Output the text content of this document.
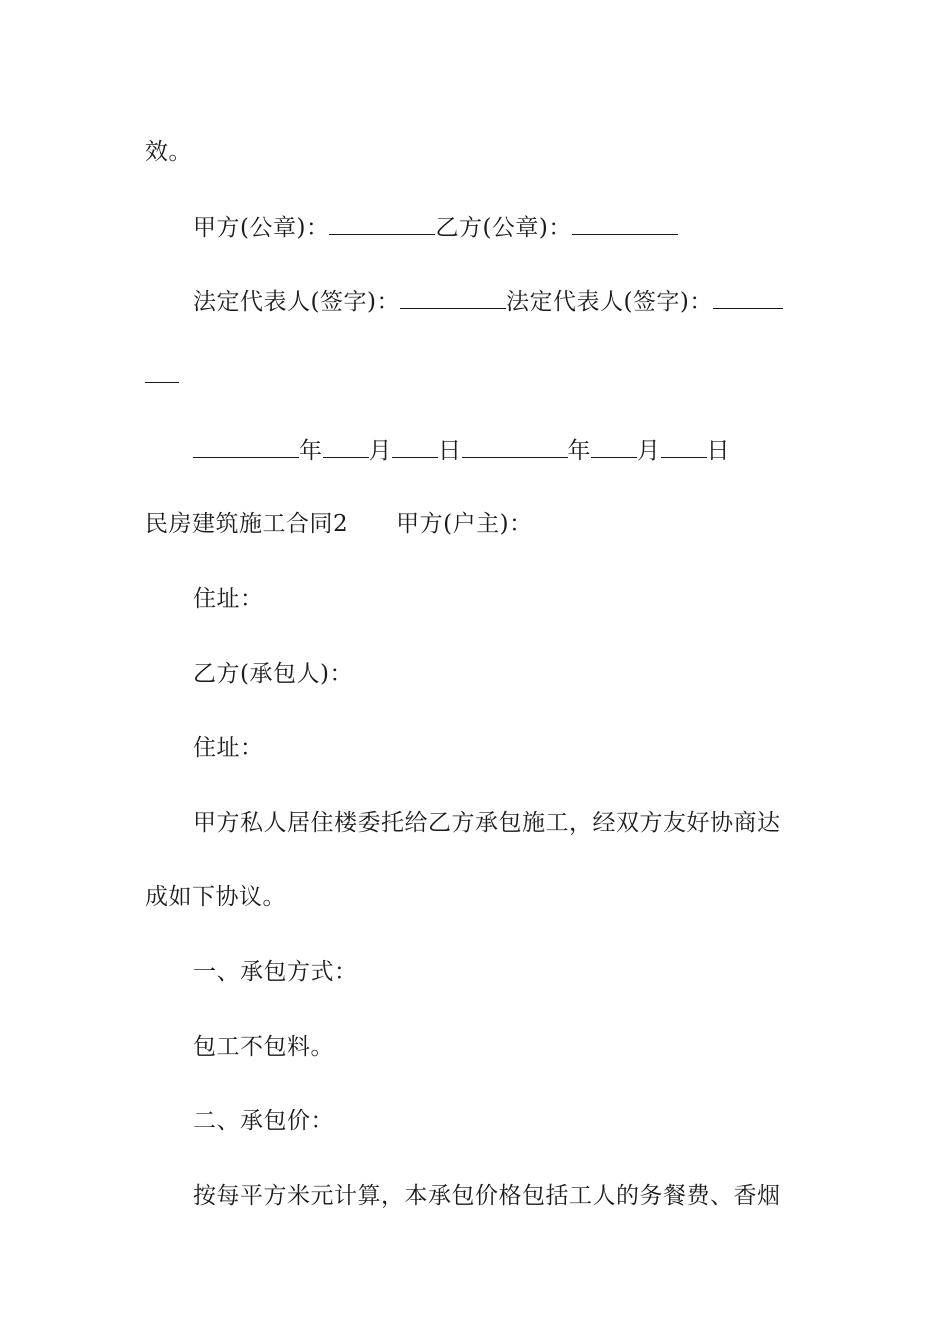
效。
甲方(公章)：	乙方(公章)：
法定代表人(签字)：	法定代表人(签字)：
年 月 日	年 月 日
民房建筑施工合同2 甲方(户主)：
住址：
乙方(承包人)：
住址：
甲方私人居住楼委托给乙方承包施工，经双方友好协商达
成如下协议。
一、承包方式：
包工不包料。
二、承包价：
按每平方米元计算，本承包价格包括工人的务餐费、香烟
